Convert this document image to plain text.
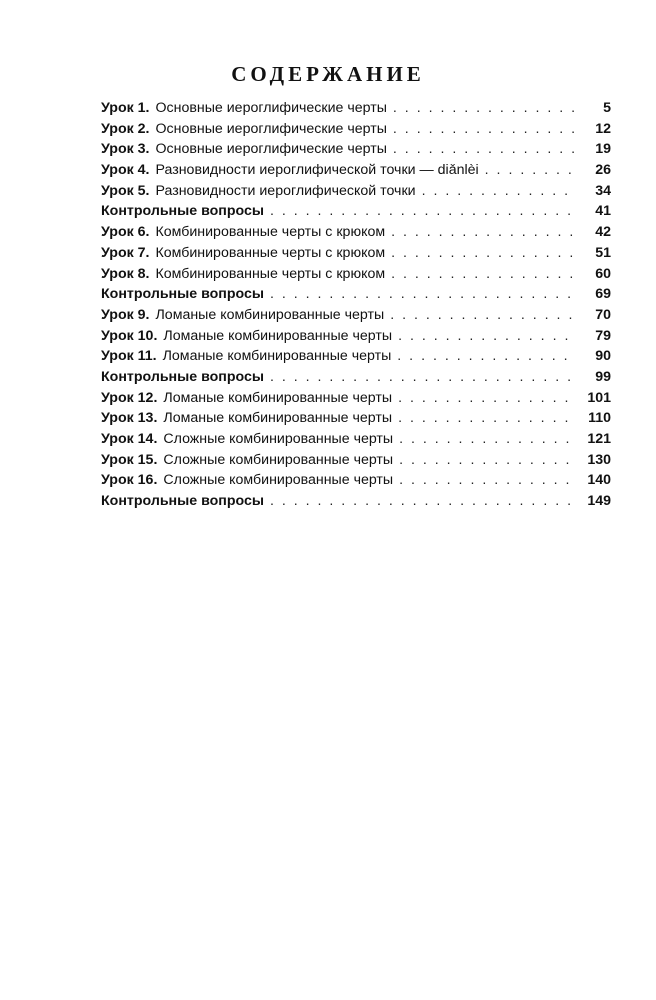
СОДЕРЖАНИЕ
Урок 1. Основные иероглифические черты . . .	5
Урок 2. Основные иероглифические черты . . .	12
Урок 3. Основные иероглифические черты . . .	19
Урок 4. Разновидности иероглифической точки — diǎnlèi . . .	26
Урок 5. Разновидности иероглифической точки . . .	34
Контрольные вопросы . . .	41
Урок 6. Комбинированные черты с крюком . . .	42
Урок 7. Комбинированные черты с крюком . . .	51
Урок 8. Комбинированные черты с крюком . . .	60
Контрольные вопросы . . .	69
Урок 9. Ломаные комбинированные черты . . .	70
Урок 10. Ломаные комбинированные черты . . .	79
Урок 11. Ломаные комбинированные черты . . .	90
Контрольные вопросы . . .	99
Урок 12. Ломаные комбинированные черты . . .	101
Урок 13. Ломаные комбинированные черты . . .	110
Урок 14. Сложные комбинированные черты . . .	121
Урок 15. Сложные комбинированные черты . . .	130
Урок 16. Сложные комбинированные черты . . .	140
Контрольные вопросы . . .	149
